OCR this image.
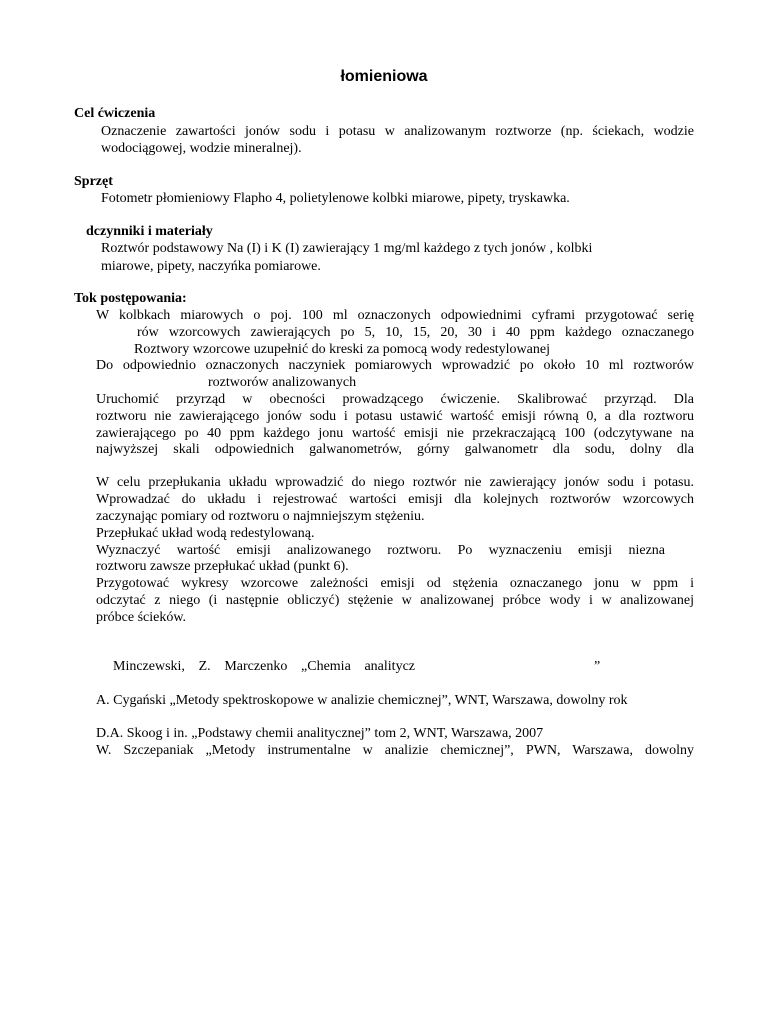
łomieniowa
Cel ćwiczenia
Oznaczenie zawartości jonów sodu i potasu w analizowanym roztworze (np. ściekach, wodzie
wodociągowej, wodzie mineralnej).
Sprzęt
Fotometr płomieniowy Flapho 4, polietylenowe kolbki miarowe, pipety, tryskawka.
dczynniki i materiały
Roztwór podstawowy Na (I) i K (I) zawierający 1 mg/ml każdego z tych jonów , kolbki
miarowe, pipety, naczyńka pomiarowe.
Tok postępowania:
W kolbkach miarowych o poj. 100 ml oznaczonych odpowiednimi cyframi przygotować serię
rów wzorcowych zawierających po 5, 10, 15, 20, 30 i 40 ppm każdego oznaczanego
Roztwory wzorcowe uzupełnić do kreski za pomocą wody redestylowanej
Do odpowiednio oznaczonych naczyniek pomiarowych wprowadzić po około 10 ml roztworów
roztworów analizowanych
Uruchomić przyrząd w obecności prowadzącego ćwiczenie. Skalibrować przyrząd. Dla
roztworu nie zawierającego jonów sodu i potasu ustawić wartość emisji równą 0, a dla roztworu
zawierającego po 40 ppm każdego jonu wartość emisji nie przekraczającą 100 (odczytywane na
najwyższej skali odpowiednich galwanometrów, górny galwanometr dla sodu, dolny dla
W celu przepłukania układu wprowadzić do niego roztwór nie zawierający jonów sodu i potasu.
Wprowadzać do układu i rejestrować wartości emisji dla kolejnych roztworów wzorcowych
zaczynając pomiary od roztworu o najmniejszym stężeniu.
Przepłukać układ wodą redestylowaną.
Wyznaczyć wartość emisji analizowanego roztworu. Po wyznaczeniu emisji niezna
roztworu zawsze przepłukać układ (punkt 6).
Przygotować wykresy wzorcowe zależności emisji od stężenia oznaczanego jonu w ppm i
odczytać z niego (i następnie obliczyć) stężenie w analizowanej próbce wody i w analizowanej
próbce ścieków.
Minczewski, Z. Marczenko „Chemia analitycz	”
A. Cygański „Metody spektroskopowe w analizie chemicznej”, WNT, Warszawa, dowolny rok
D.A. Skoog i in. „Podstawy chemii analitycznej” tom 2, WNT, Warszawa, 2007
W. Szczepaniak „Metody instrumentalne w analizie chemicznej”, PWN, Warszawa, dowolny
